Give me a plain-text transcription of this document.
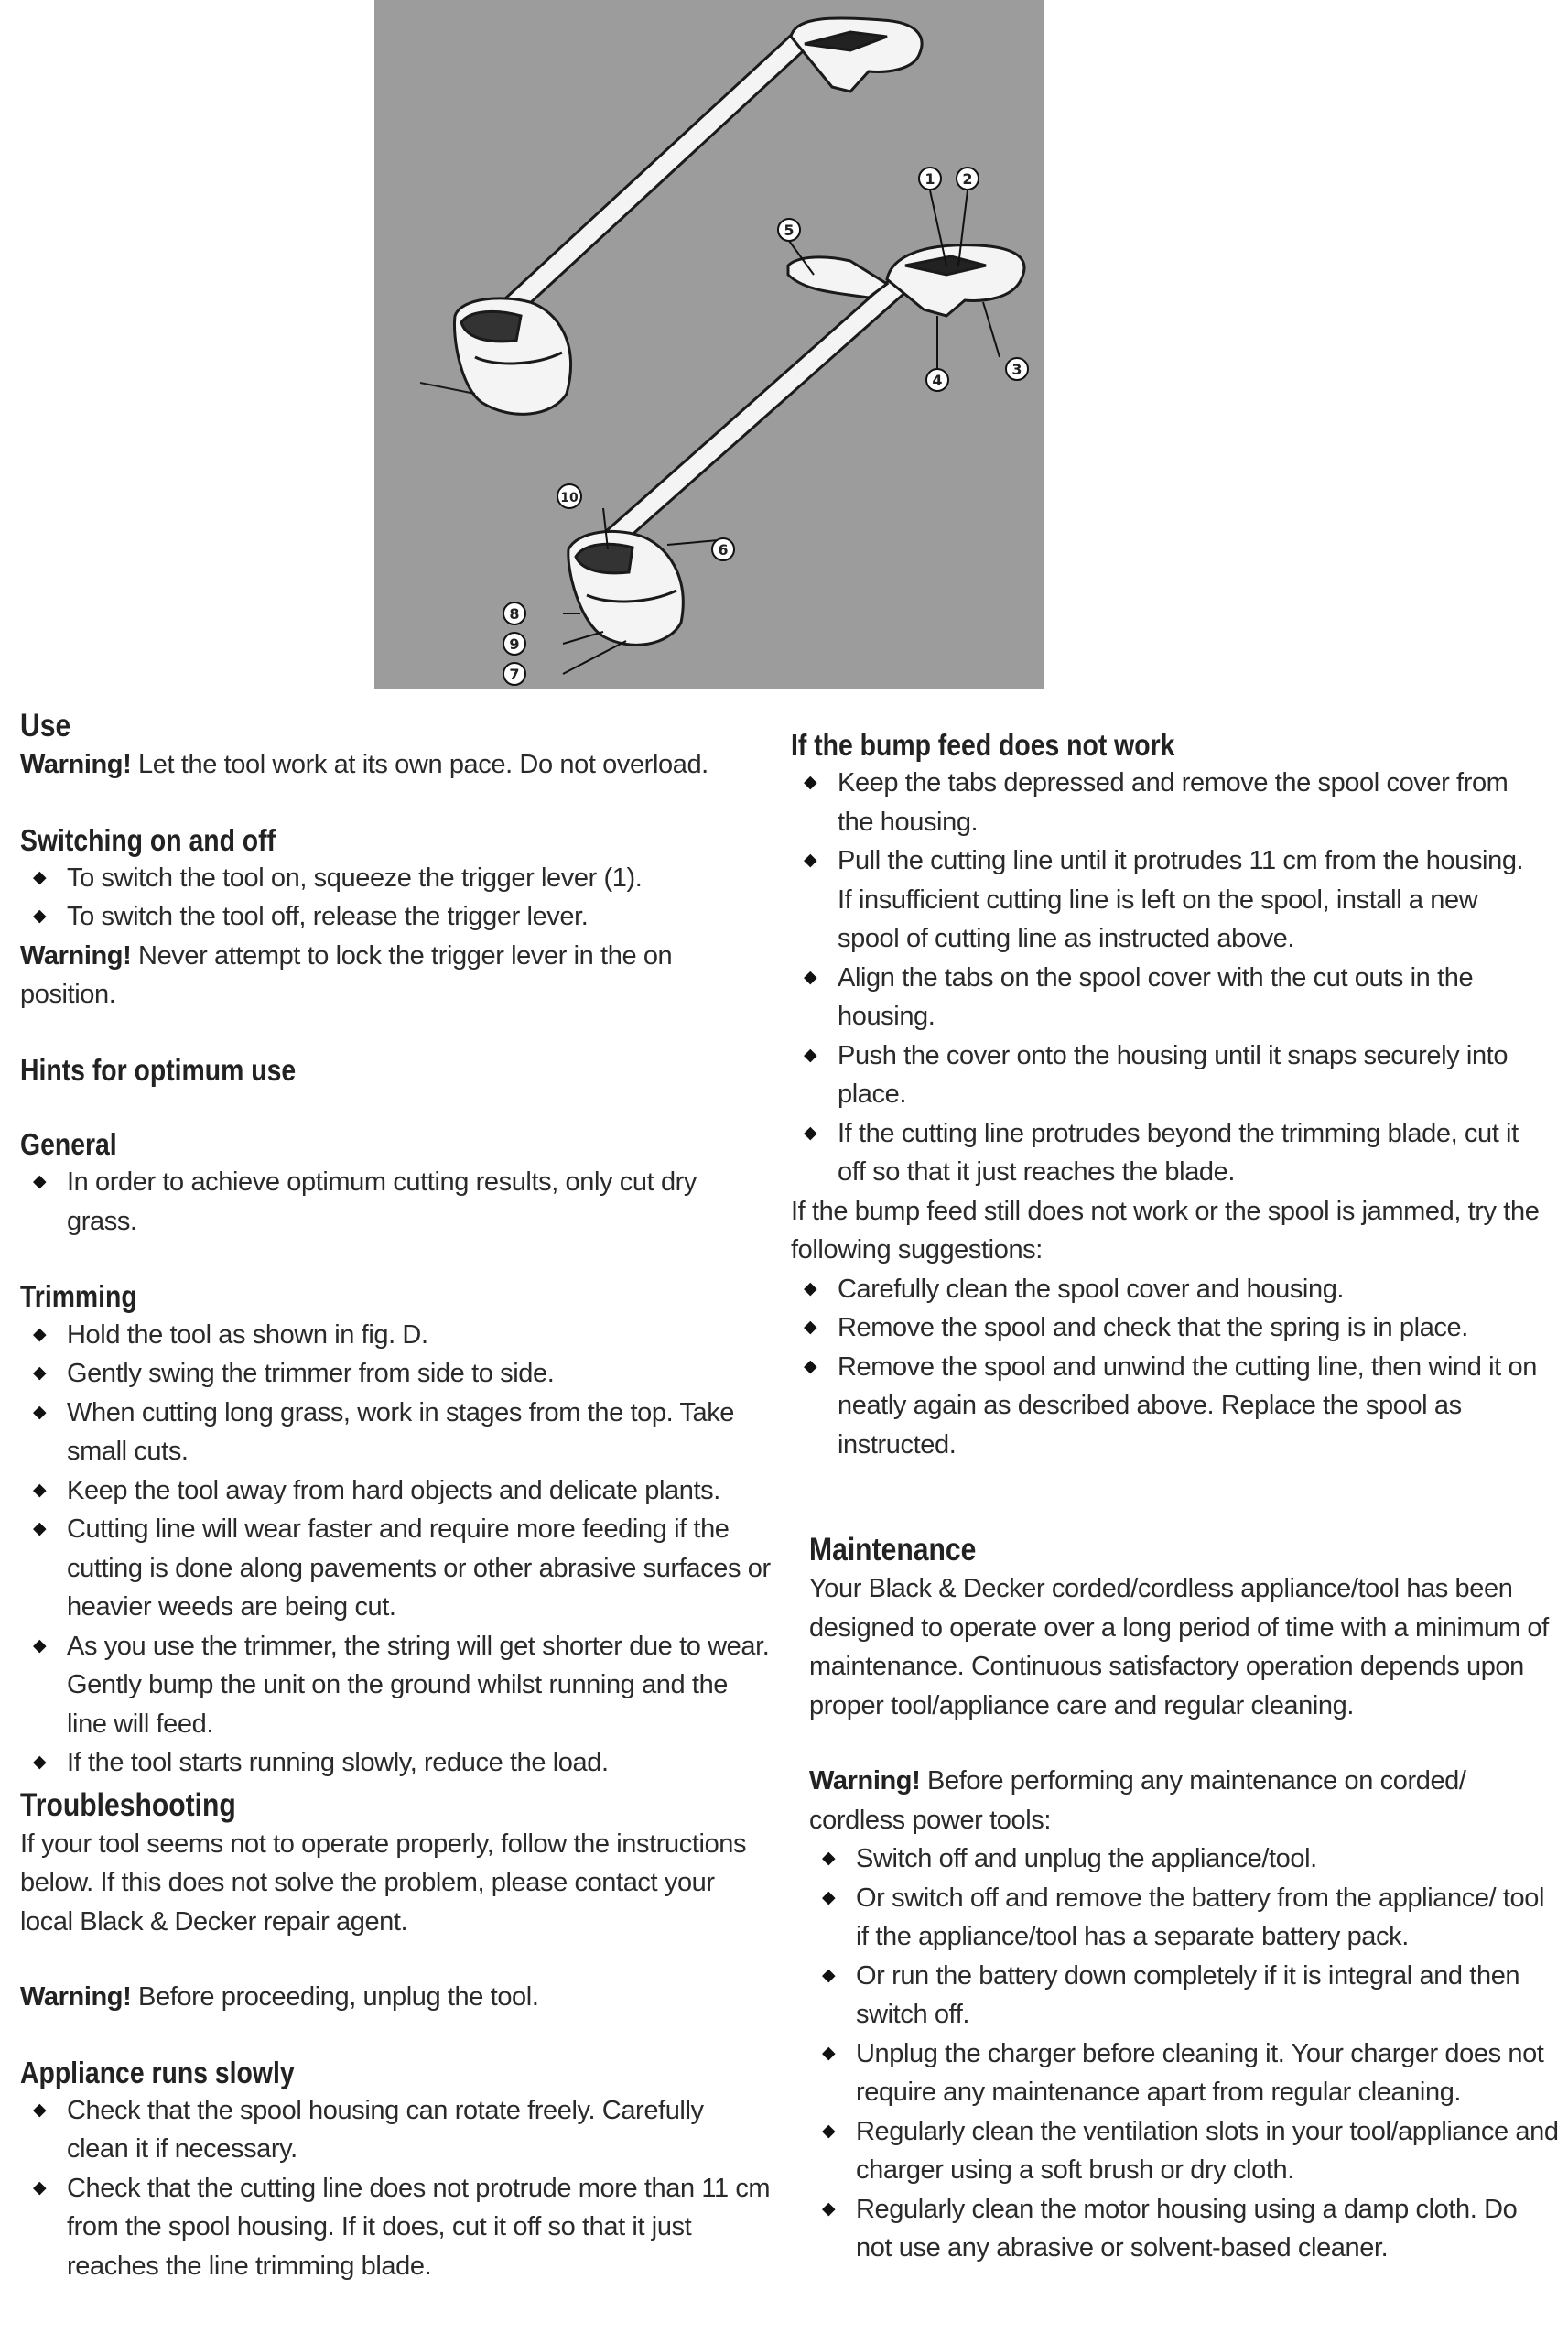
1 2
3
4
5
6
7
8
9
10
Use

Warning! Let the tool work at its own pace. Do not overload.

Switching on and off
◆ To switch the tool on, squeeze the trigger lever (1).
◆ To switch the tool off, release the trigger lever.

Warning! Never attempt to lock the trigger lever in the on position.

Hints for optimum use
General
◆ In order to achieve optimum cutting results, only cut dry grass.
Trimming
◆ Hold the tool as shown in fig. D.
◆ Gently swing the trimmer from side to side.
◆ When cutting long grass, work in stages from the top. Take small cuts.
◆ Keep the tool away from hard objects and delicate plants.
◆ Cutting line will wear faster and require more feeding if the cutting is done along pavements or other abrasive surfaces or heavier weeds are being cut.
◆ As you use the trimmer, the string will get shorter due to wear. Gently bump the unit on the ground whilst running and the line will feed.
◆ If the tool starts running slowly, reduce the load.
Troubleshooting

If your tool seems not to operate properly, follow the instructions below. If this does not solve the problem, please contact your local Black & Decker repair agent.

Warning! Before proceeding, unplug the tool.

Appliance runs slowly
◆ Check that the spool housing can rotate freely. Carefully clean it if necessary.
◆ Check that the cutting line does not protrude more than 11 cm from the spool housing. If it does, cut it off so that it just reaches the line trimming blade.
If the bump feed does not work
◆ Keep the tabs depressed and remove the spool cover from the housing.
◆ Pull the cutting line until it protrudes 11 cm from the housing. If insufficient cutting line is left on the spool, install a new spool of cutting line as instructed above.
◆ Align the tabs on the spool cover with the cut outs in the housing.
◆ Push the cover onto the housing until it snaps securely into place.
◆ If the cutting line protrudes beyond the trimming blade, cut it off so that it just reaches the blade.

If the bump feed still does not work or the spool is jammed, try the following suggestions:

◆ Carefully clean the spool cover and housing.
◆ Remove the spool and check that the spring is in place.
◆ Remove the spool and unwind the cutting line, then wind it on neatly again as described above. Replace the spool as instructed.
Maintenance

Your Black & Decker corded/cordless appliance/tool has been designed to operate over a long period of time with a minimum of maintenance. Continuous satisfactory operation depends upon proper tool/appliance care and regular cleaning.

Warning! Before performing any maintenance on corded/ cordless power tools:

◆ Switch off and unplug the appliance/tool.
◆ Or switch off and remove the battery from the appliance/ tool if the appliance/tool has a separate battery pack.
◆ Or run the battery down completely if it is integral and then switch off.
◆ Unplug the charger before cleaning it. Your charger does not require any maintenance apart from regular cleaning.
◆ Regularly clean the ventilation slots in your tool/appliance and charger using a soft brush or dry cloth.
◆ Regularly clean the motor housing using a damp cloth. Do not use any abrasive or solvent-based cleaner.
